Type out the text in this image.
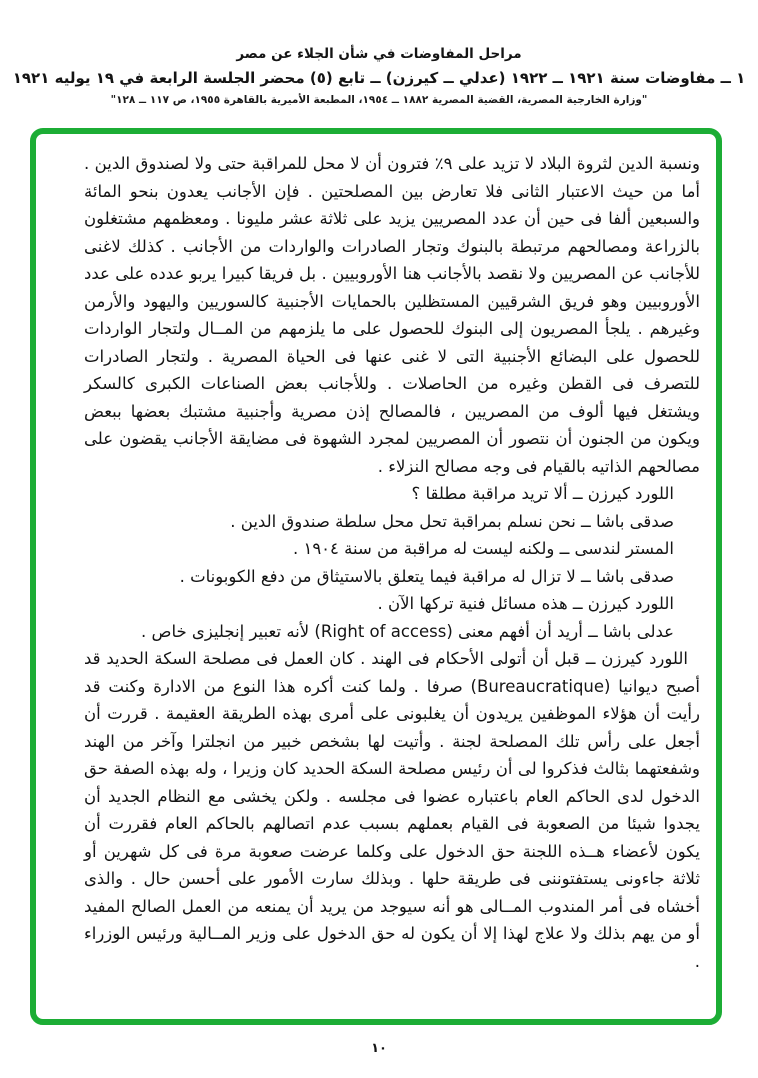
مراحل المفاوضات في شأن الجلاء عن مصر
١ ــ مفاوضات سنة ١٩٢١ ــ ١٩٢٢ (عدلي ــ كيرزن) ــ تابع (٥) محضر الجلسة الرابعة في ١٩ يوليه ١٩٢١
"وزارة الخارجية المصرية، القضية المصرية ١٨٨٢ ــ ١٩٥٤، المطبعة الأميرية بالقاهرة ١٩٥٥، ص ١١٧ ــ ١٢٨"

ونسبة الدين لثروة البلاد لا تزيد على ٩٪ فترون أن لا محل للمراقبة حتى ولا لصندوق الدين . أما من حيث الاعتبار الثانى فلا تعارض بين المصلحتين . فإن الأجانب يعدون بنحو المائة والسبعين ألفا فى حين أن عدد المصريين يزيد على ثلاثة عشر مليونا . ومعظمهم مشتغلون بالزراعة ومصالحهم مرتبطة بالبنوك وتجار الصادرات والواردات من الأجانب . كذلك لاغنى للأجانب عن المصريين ولا نقصد بالأجانب هنا الأوروبيين . بل فريقا كبيرا يربو عدده على عدد الأوروبيين وهو فريق الشرقيين المستظلين بالحمايات الأجنبية كالسوريين واليهود والأرمن وغيرهم . يلجأ المصريون إلى البنوك للحصول على ما يلزمهم من المــال ولتجار الواردات للحصول على البضائع الأجنبية التى لا غنى عنها فى الحياة المصرية . ولتجار الصادرات للتصرف فى القطن وغيره من الحاصلات . وللأجانب بعض الصناعات الكبرى كالسكر ويشتغل فيها ألوف من المصريين ، فالمصالح إذن مصرية وأجنبية مشتبك بعضها ببعض ويكون من الجنون أن نتصور أن المصريين لمجرد الشهوة فى مضايقة الأجانب يقضون على مصالحهم الذاتيه بالقيام فى وجه مصالح النزلاء .

اللورد كيرزن ــ ألا تريد مراقبة مطلقا ؟

صدقى باشا ــ نحن نسلم بمراقبة تحل محل سلطة صندوق الدين .

المستر لندسى ــ ولكنه ليست له مراقبة من سنة ١٩٠٤ .

صدقى باشا ــ لا تزال له مراقبة فيما يتعلق بالاستيثاق من دفع الكوبونات .

اللورد كيرزن ــ هذه مسائل فنية تركها الآن .

عدلى باشا ــ أريد أن أفهم معنى (Right of access) لأنه تعبير إنجليزى خاص .

اللورد كيرزن ــ قبل أن أتولى الأحكام فى الهند . كان العمل فى مصلحة السكة الحديد قد أصبح ديوانيا (Bureaucratique) صرفا . ولما كنت أكره هذا النوع من الادارة وكنت قد رأيت أن هؤلاء الموظفين يريدون أن يغلبونى على أمرى بهذه الطريقة العقيمة . قررت أن أجعل على رأس تلك المصلحة لجنة . وأتيت لها بشخص خبير من انجلترا وآخر من الهند وشفعتهما بثالث فذكروا لى أن رئيس مصلحة السكة الحديد كان وزيرا ، وله بهذه الصفة حق الدخول لدى الحاكم العام باعتباره عضوا فى مجلسه . ولكن يخشى مع النظام الجديد أن يجدوا شيئا من الصعوبة فى القيام بعملهم بسبب عدم اتصالهم بالحاكم العام فقررت أن يكون لأعضاء هــذه اللجنة حق الدخول على وكلما عرضت صعوبة مرة فى كل شهرين أو ثلاثة جاءونى يستفتوننى فى طريقة حلها . وبذلك سارت الأمور على أحسن حال . والذى أخشاه فى أمر المندوب المــالى هو أنه سيوجد من يريد أن يمنعه من العمل الصالح المفيد أو من يهم بذلك ولا علاج لهذا إلا أن يكون له حق الدخول على وزير المــالية ورئيس الوزراء .

١٠
